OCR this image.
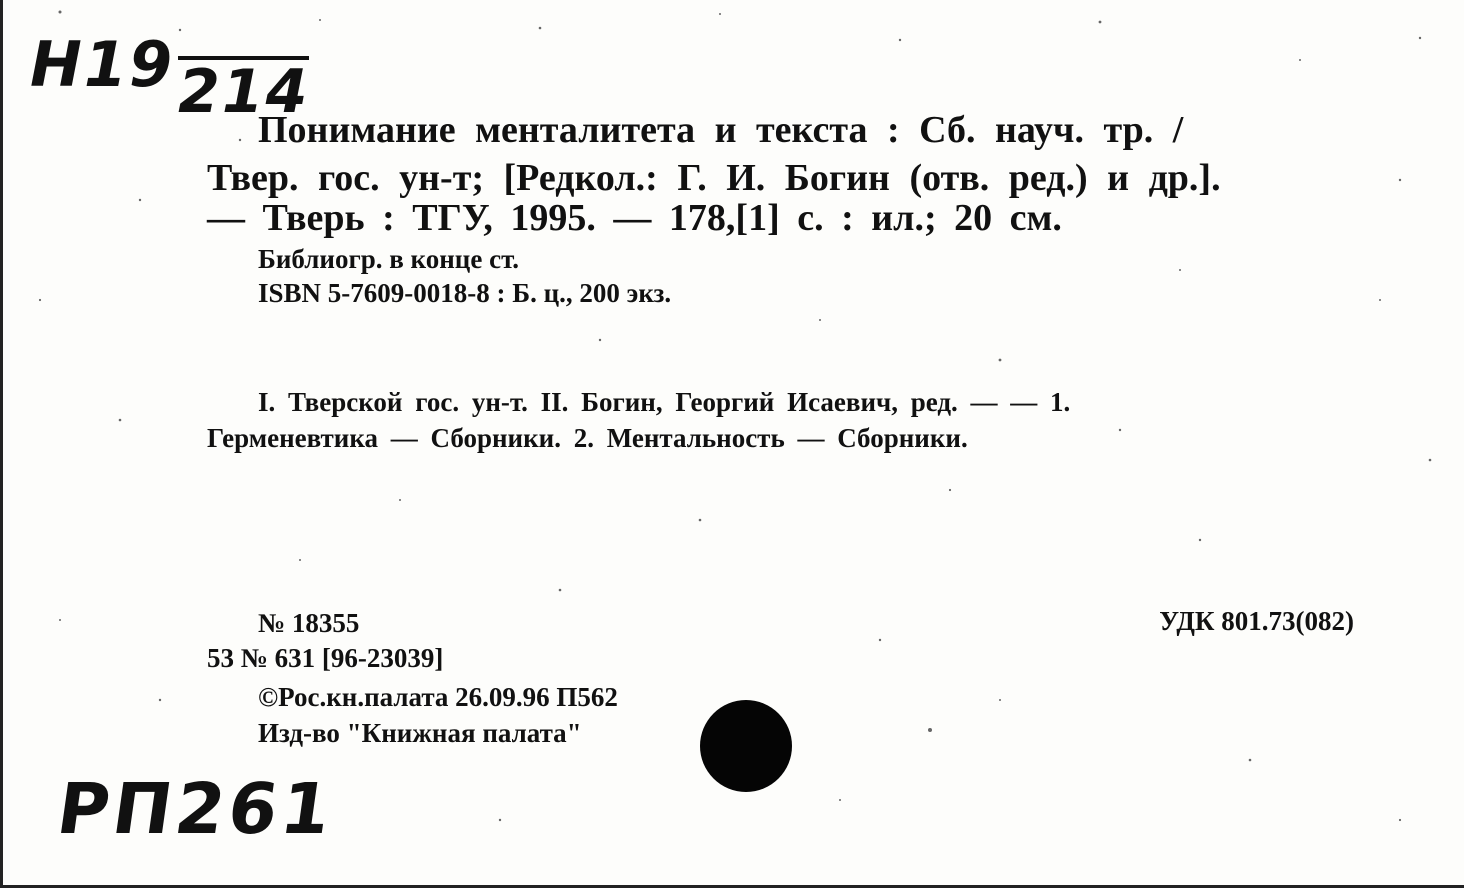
Н19214
Понимание менталитета и текста : Сб. науч. тр. /
Твер. гос. ун-т; [Редкол.: Г. И. Богин (отв. ред.) и др.].
— Тверь : ТГУ, 1995. — 178,[1] с. : ил.; 20 см.
Библиогр. в конце ст.
ISBN 5-7609-0018-8 : Б. ц., 200 экз.
I. Тверской гос. ун-т. II. Богин, Георгий Исаевич, ред. — — 1.
Герменевтика — Сборники. 2. Ментальность — Сборники.
№ 18355	УДК 801.73(082)
53 № 631 [96-23039]
©Рос.кн.палата 26.09.96 П562
Изд-во "Книжная палата"
РП261
